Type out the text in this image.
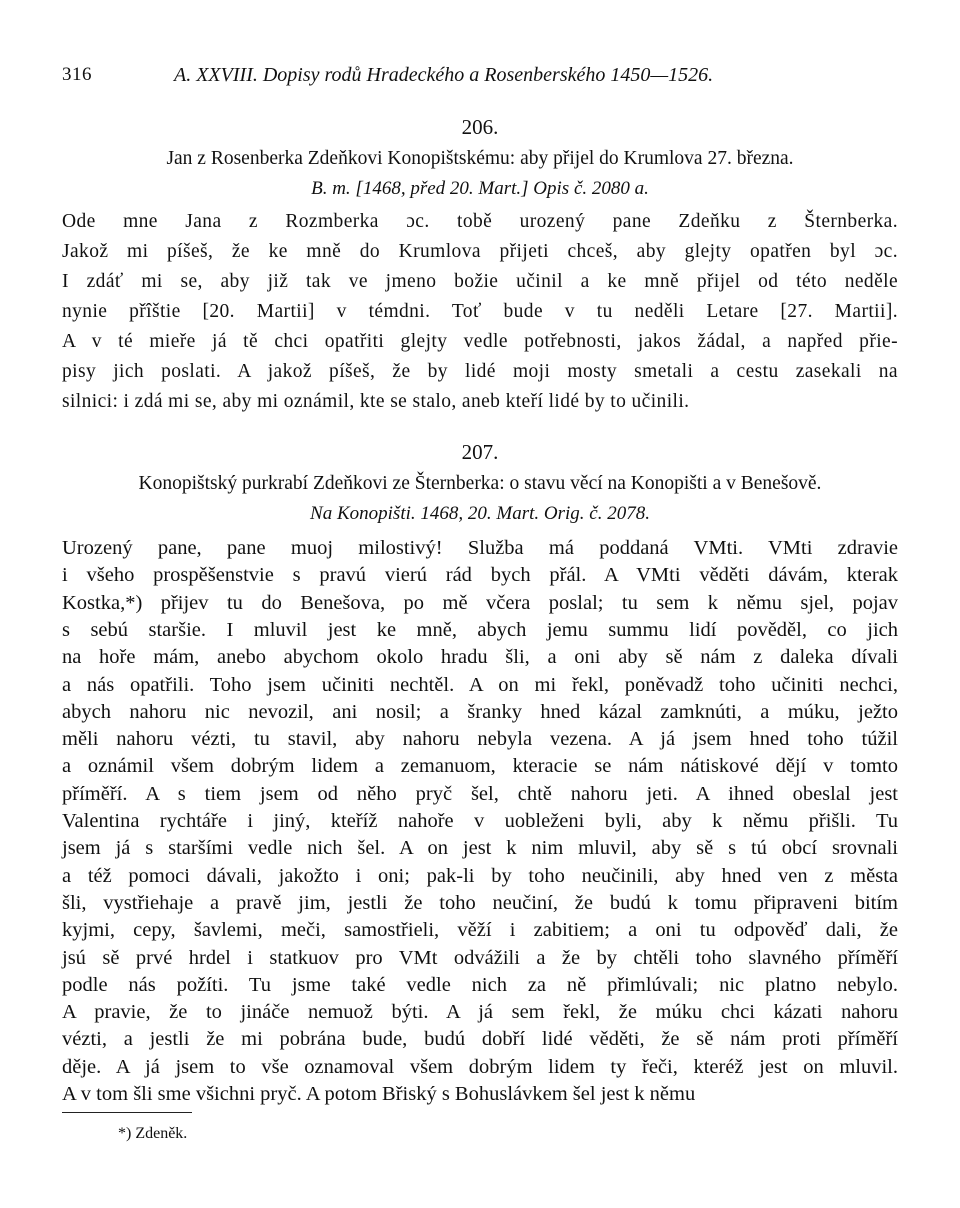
316	A. XXVIII. Dopisy rodů Hradeckého a Rosenberského 1450—1526.
206.
Jan z Rosenberka Zdeňkovi Konopištskému: aby přijel do Krumlova 27. března.
B. m. [1468, před 20. Mart.] Opis č. 2080 a.
Ode mne Jana z Rozmberka ɔc. tobě urozený pane Zdeňku z Šternberka.
Jakož mi píšeš, že ke mně do Krumlova přijeti chceš, aby glejty opatřen byl ɔc.
I zdáť mi se, aby již tak ve jmeno božie učinil a ke mně přijel od této neděle
nynie přîštie [20. Martii] v témdni. Toť bude v tu neděli Letare [27. Martii].
A v té mieře já tě chci opatřiti glejty vedle potřebnosti, jakos žádal, a napřed přie-
pisy jich poslati. A jakož píšeš, že by lidé moji mosty smetali a cestu zasekali na
silnici: i zdá mi se, aby mi oznámil, kte se stalo, aneb kteří lidé by to učinili.
207.
Konopištský purkrabí Zdeňkovi ze Šternberka: o stavu věcí na Konopišti a v Benešově.
Na Konopišti. 1468, 20. Mart. Orig. č. 2078.
Urozený pane, pane muoj milostivý! Služba má poddaná VMti. VMti zdravie
i všeho prospěšenstvie s pravú vierú rád bych přál. A VMti věděti dávám, kterak
Kostka,*) přijev tu do Benešova, po mě včera poslal; tu sem k němu sjel, pojav
s sebú staršie. I mluvil jest ke mně, abych jemu summu lidí pověděl, co jich
na hoře mám, anebo abychom okolo hradu šli, a oni aby sě nám z daleka dívali
a nás opatřili. Toho jsem učiniti nechtěl. A on mi řekl, poněvadž toho učiniti nechci,
abych nahoru nic nevozil, ani nosil; a šranky hned kázal zamknúti, a múku, ježto
měli nahoru vézti, tu stavil, aby nahoru nebyla vezena. A já jsem hned toho túžil
a oznámil všem dobrým lidem a zemanuom, kteracie se nám nátiskové dějí v tomto
příměří. A s tiem jsem od něho pryč šel, chtě nahoru jeti. A ihned obeslal jest
Valentina rychtáře i jiný, kteříž nahoře v uobleženi byli, aby k němu přišli. Tu
jsem já s staršími vedle nich šel. A on jest k nim mluvil, aby sě s tú obcí srovnali
a též pomoci dávali, jakožto i oni; pak-li by toho neučinili, aby hned ven z města
šli, vystřiehaje a pravě jim, jestli že toho neučiní, že budú k tomu připraveni bitím
kyjmi, cepy, šavlemi, meči, samostřieli, věží i zabitiem; a oni tu odpověď dali, že
jsú sě prvé hrdel i statkuov pro VMt odvážili a že by chtěli toho slavného příměří
podle nás požíti. Tu jsme také vedle nich za ně přimlúvali; nic platno nebylo.
A pravie, že to jináče nemuož býti. A já sem řekl, že múku chci kázati nahoru
vézti, a jestli že mi pobrána bude, budú dobří lidé věděti, že sě nám proti příměří
děje. A já jsem to vše oznamoval všem dobrým lidem ty řeči, kteréž jest on mluvil.
A v tom šli sme všichni pryč. A potom Břiský s Bohuslávkem šel jest k němu
*) Zdeněk.
